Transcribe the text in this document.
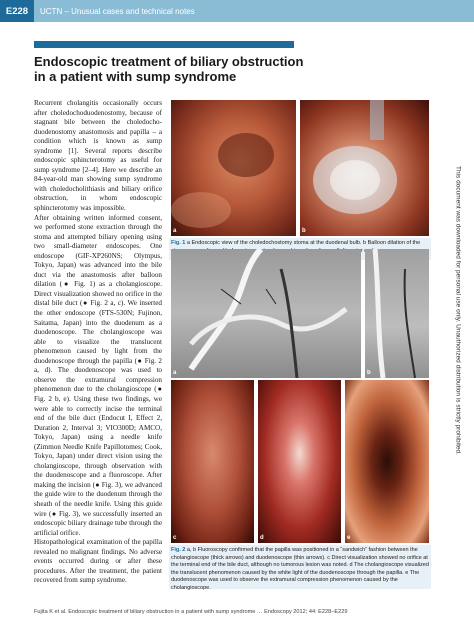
E228	UCTN – Unusual cases and technical notes
Endoscopic treatment of biliary obstruction
in a patient with sump syndrome

Recurrent cholangitis occasionally occurs after choledochoduodenostomy, because of stagnant bile between the choledocho-duodenostomy anastomosis and papilla – a condition which is known as sump syndrome [1]. Several reports describe endoscopic sphincterotomy as useful for sump syndrome [2–4]. Here we describe an 84-year-old man showing sump syndrome with choledocholithiasis and biliary orifice obstruction, in whom endoscopic sphincterotomy was impossible.

After obtaining written informed consent, we performed stone extraction through the stoma and attempted biliary opening using two small-diameter endoscopes. One endoscope (GIF-XP260NS; Olympus, Tokyo, Japan) was advanced into the bile duct via the anastomosis after balloon dilation (● Fig. 1) as a cholangioscope. Direct visualization showed no orifice in the distal bile duct (● Fig. 2 a, c). We inserted the other endoscope (FTS-530N; Fujinon, Saitama, Japan) into the duodenum as a duodenoscope. The cholangioscope was able to visualize the translucent phenomenon caused by light from the duodenoscope through the papilla (● Fig. 2 a, d). The duodenoscope was used to observe the extramural compression phenomenon due to the cholangioscope (● Fig. 2 b, e). Using these two findings, we were able to correctly incise the terminal end of the bile duct (Endocut I, Effect 2, Duration 2, Interval 3; VIO300D; AMCO, Tokyo, Japan) using a needle knife (Zimmon Needle Knife Papillotomes; Cook, Tokyo, Japan) under direct vision using the cholangioscope, through observation with the duodenoscope and a fluoroscope. After making the incision (● Fig. 3), we advanced the guide wire to the duodenum through the sheath of the needle knife. Using this guide wire (● Fig. 3), we successfully inserted an endoscopic biliary drainage tube through the artificial orifice.

Histopathological examination of the papilla revealed no malignant findings. No adverse events occurred during or after these procedures. After the treatment, the patient recovered from sump syndrome.

a	b
Fig. 1 a Endoscopic view of the choledochostomy stoma at the duodenal bulb. b Balloon dilation of the
a	b
c	d	e
Fig. 2 a, b Fluoroscopy confirmed that the papilla was positioned in a “sandwich” fashion between the cholangioscope (thick arrows) and duodenoscope (thin arrows). c Direct visualization showed no orifice at the terminal end of the bile duct, although no tumorous lesion was noted. d The cholangioscope visualized the translucent phenomenon caused by the white light of the duodenoscope through the papilla. e The duodenoscope was used to observe the extramural compression phenomenon caused by the cholangioscope.
This document was downloaded for personal use only. Unauthorized distribution is strictly prohibited.
Fujita K et al. Endoscopic treatment of biliary obstruction in a patient with sump syndrome … Endoscopy 2012; 44: E228–E229
